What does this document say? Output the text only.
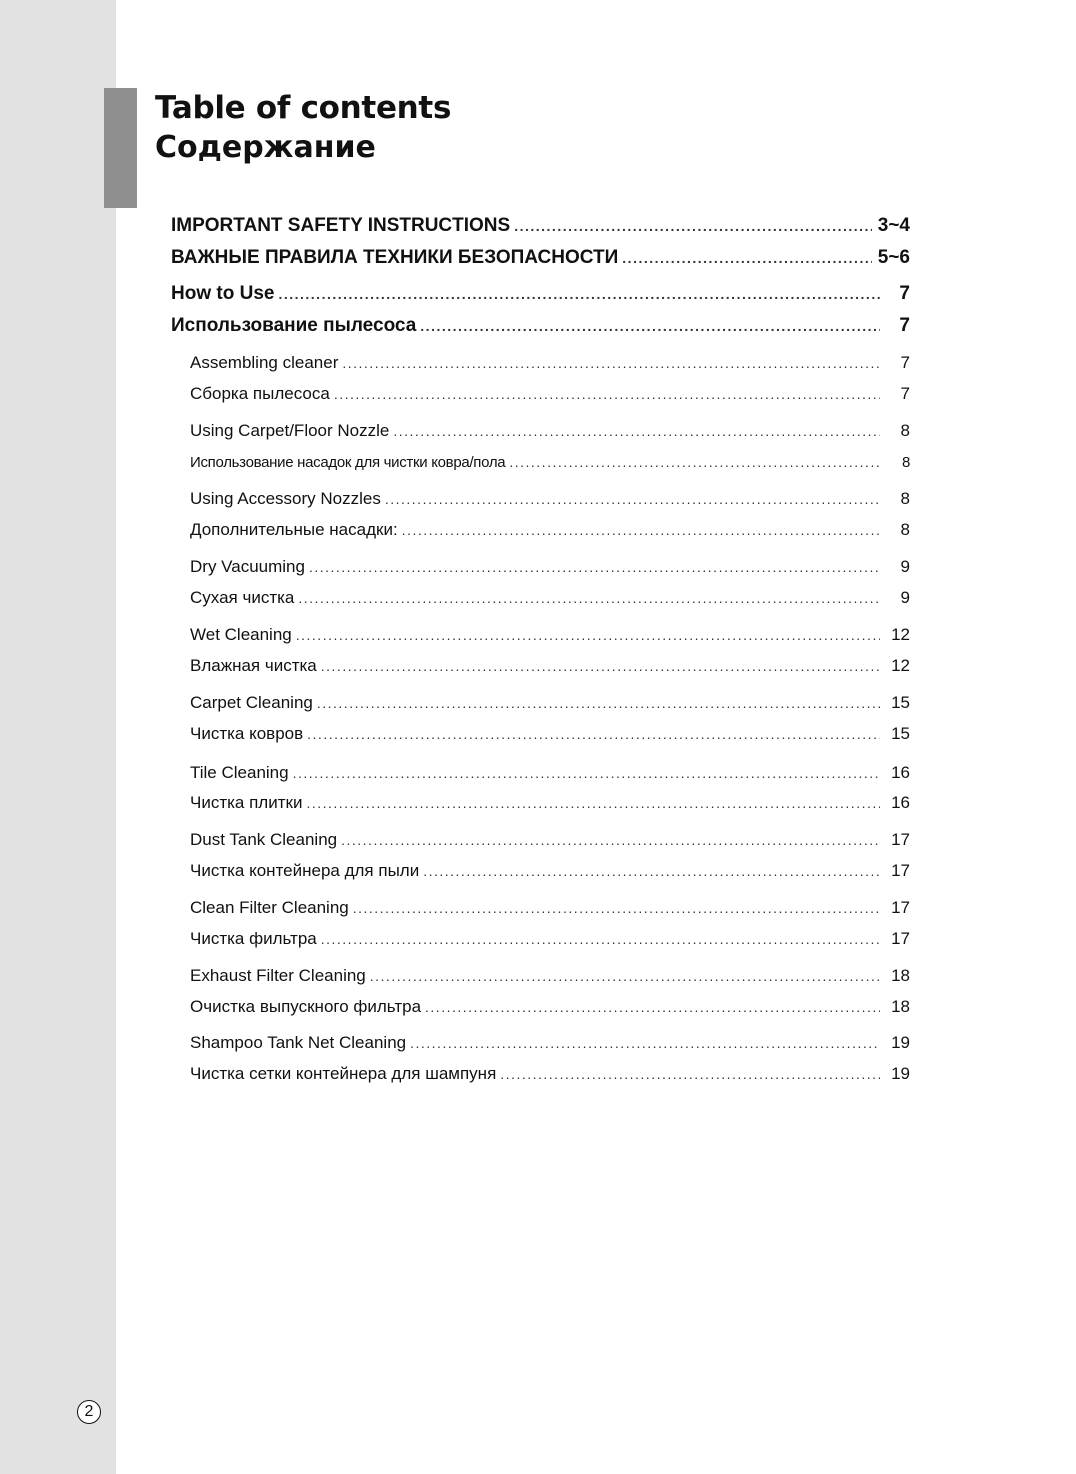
Table of contents
Содержание
IMPORTANT SAFETY INSTRUCTIONS .....	3~4
ВАЖНЫЕ ПРАВИЛА ТЕХНИКИ БЕЗОПАСНОСТИ .....	5~6
How to Use .....	7
Использование пылесоса .....	7
Assembling cleaner .....	7
Сборка пылесоса .....	7
Using Carpet/Floor Nozzle .....	8
Использование насадок для чистки ковра/пола .....	8
Using Accessory Nozzles .....	8
Дополнительные насадки: .....	8
Dry Vacuuming .....	9
Сухая чистка .....	9
Wet Cleaning .....	12
Влажная чистка .....	12
Carpet Cleaning .....	15
Чистка ковров .....	15
Tile Cleaning .....	16
Чистка плитки .....	16
Dust Tank Cleaning .....	17
Чистка контейнера для пыли .....	17
Clean Filter Cleaning .....	17
Чистка фильтра .....	17
Exhaust Filter Cleaning .....	18
Очистка выпускного фильтра .....	18
Shampoo Tank Net Cleaning .....	19
Чистка сетки контейнера для шампуня .....	19
2
